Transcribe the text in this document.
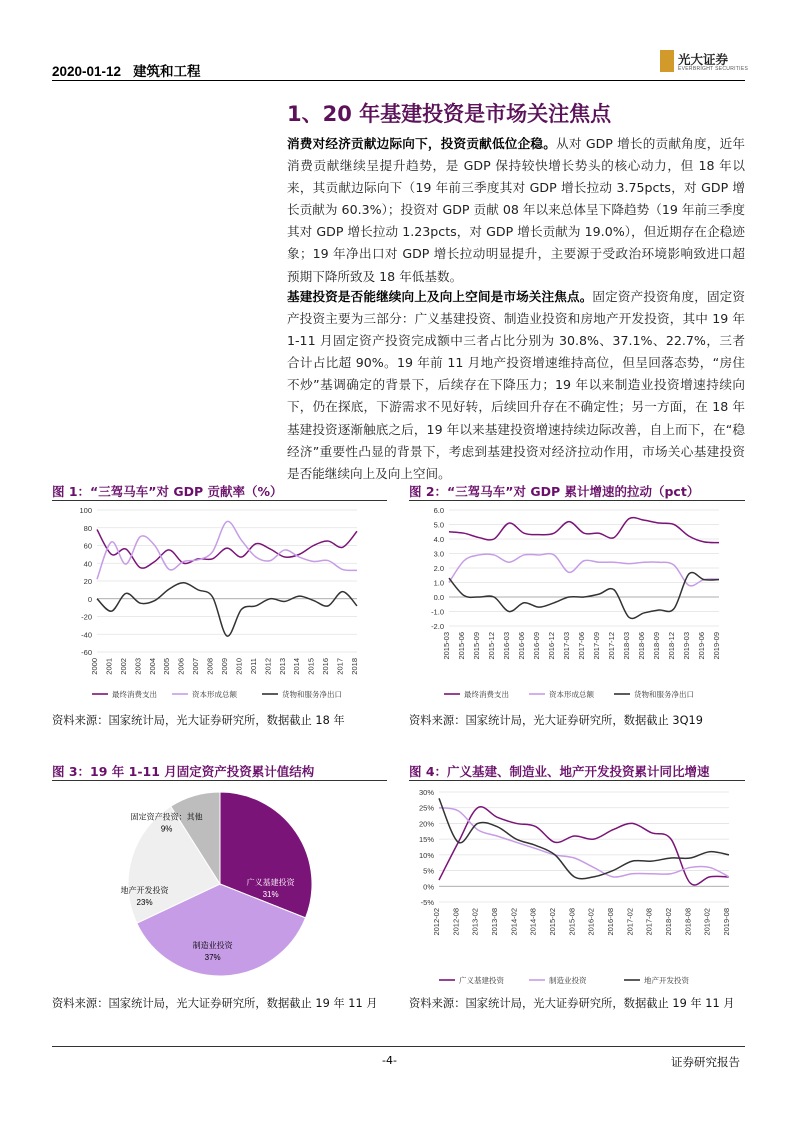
2020-01-12 建筑和工程
光大证券
EVERBRIGHT SECURITIES
1、20 年基建投资是市场关注焦点
消费对经济贡献边际向下，投资贡献低位企稳。从对 GDP 增长的贡献角度，近年消费贡献继续呈提升趋势，是 GDP 保持较快增长势头的核心动力，但 18 年以来，其贡献边际向下（19 年前三季度其对 GDP 增长拉动 3.75pcts，对 GDP 增长贡献为 60.3%）；投资对 GDP 贡献 08 年以来总体呈下降趋势（19 年前三季度其对 GDP 增长拉动 1.23pcts，对 GDP 增长贡献为 19.0%），但近期存在企稳迹象；19 年净出口对 GDP 增长拉动明显提升，主要源于受政治环境影响致进口超预期下降所致及 18 年低基数。
基建投资是否能继续向上及向上空间是市场关注焦点。固定资产投资角度，固定资产投资主要为三部分：广义基建投资、制造业投资和房地产开发投资，其中 19 年 1-11 月固定资产投资完成额中三者占比分别为 30.8%、37.1%、22.7%，三者合计占比超 90%。19 年前 11 月地产投资增速维持高位，但呈回落态势，“房住不炒”基调确定的背景下，后续存在下降压力；19 年以来制造业投资增速持续向下，仍在探底，下游需求不见好转，后续回升存在不确定性；另一方面，在 18 年基建投资逐渐触底之后，19 年以来基建投资增速持续边际改善，自上而下，在“稳经济”重要性凸显的背景下，考虑到基建投资对经济拉动作用，市场关心基建投资是否能继续向上及向上空间。
图 1：“三驾马车”对 GDP 贡献率（%）
资料来源：国家统计局，光大证券研究所，数据截止 18 年
图 2：“三驾马车”对 GDP 累计增速的拉动（pct）
资料来源：国家统计局，光大证券研究所，数据截止 3Q19
图 3：19 年 1-11 月固定资产投资累计值结构
资料来源：国家统计局，光大证券研究所，数据截止 19 年 11 月
图 4：广义基建、制造业、地产开发投资累计同比增速
资料来源：国家统计局，光大证券研究所，数据截止 19 年 11 月
-60
-40
-20
0
20
40
60
80
100
2000 2001 2002 2003 2004 2005 2006 2007 2008 2009 2010 2011 2012 2013 2014 2015 2016 2017 2018
最终消费支出	资本形成总额	货物和服务净出口
-2.0
-1.0
0.0
1.0
2.0
3.0
4.0
5.0
6.0
2015-03 2015-06 2015-09 2015-12 2016-03 2016-06 2016-09 2016-12 2017-03 2017-06 2017-09 2017-12 2018-03 2018-06 2018-09 2018-12 2019-03 2019-06 2019-09
最终消费支出	资本形成总额	货物和服务净出口
广义基建投资
31%
制造业投资
37%
地产开发投资
23%
固定资产投资：其他
9%
-5%
0%
5%
10%
15%
20%
25%
30%
2012-02 2012-08 2013-02 2013-08 2014-02 2014-08 2015-02 2015-08 2016-02 2016-08 2017-02 2017-08 2018-02 2018-08 2019-02 2019-08
广义基建投资	制造业投资	地产开发投资
-4-	证券研究报告
